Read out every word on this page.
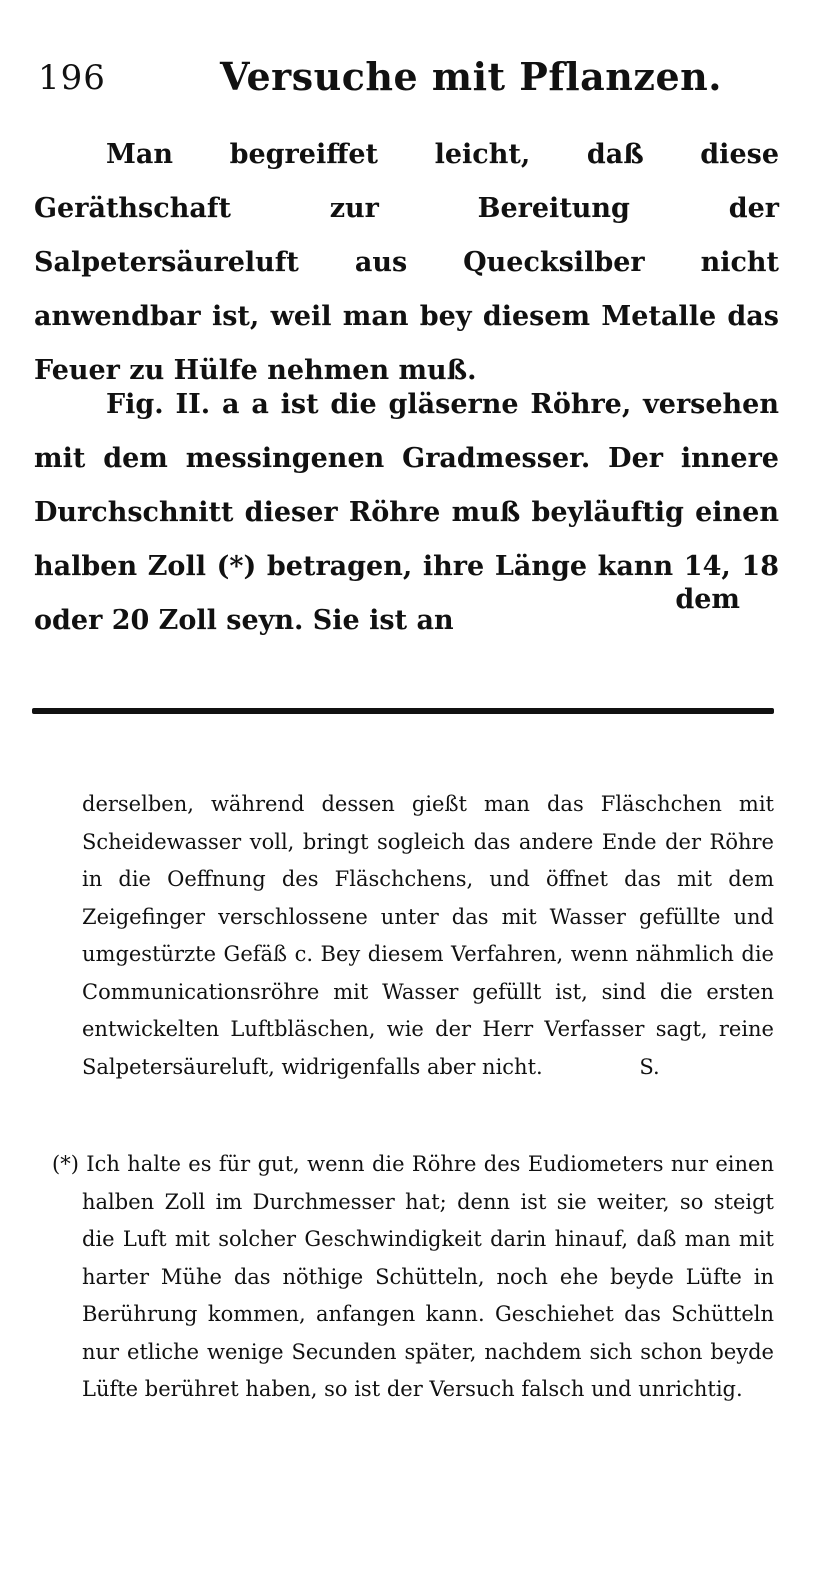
196	Versuche mit Pflanzen.

Man begreiffet leicht, daß diese Geräthschaft zur Bereitung der Salpetersäureluft aus Quecksilber nicht anwendbar ist, weil man bey diesem Metalle das Feuer zu Hülfe nehmen muß.

Fig. II. a a ist die gläserne Röhre, versehen mit dem messingenen Gradmesser. Der innere Durchschnitt dieser Röhre muß beyläuftig einen halben Zoll (*) betragen, ihre Länge kann 14, 18 oder 20 Zoll seyn. Sie ist an

dem

derselben, während dessen gießt man das Fläschchen mit Scheidewasser voll, bringt sogleich das andere Ende der Röhre in die Oeffnung des Fläschchens, und öffnet das mit dem Zeigefinger verschlossene unter das mit Wasser gefüllte und umgestürzte Gefäß c. Bey diesem Verfahren, wenn nähmlich die Communicationsröhre mit Wasser gefüllt ist, sind die ersten entwickelten Luftbläschen, wie der Herr Verfasser sagt, reine Salpetersäureluft, widrigenfalls aber nicht.	S.

(*) Ich halte es für gut, wenn die Röhre des Eudiometers nur einen halben Zoll im Durchmesser hat; denn ist sie weiter, so steigt die Luft mit solcher Geschwindigkeit darin hinauf, daß man mit harter Mühe das nöthige Schütteln, noch ehe beyde Lüfte in Berührung kommen, anfangen kann. Geschiehet das Schütteln nur etliche wenige Secunden später, nachdem sich schon beyde Lüfte berühret haben, so ist der Versuch falsch und unrichtig.
